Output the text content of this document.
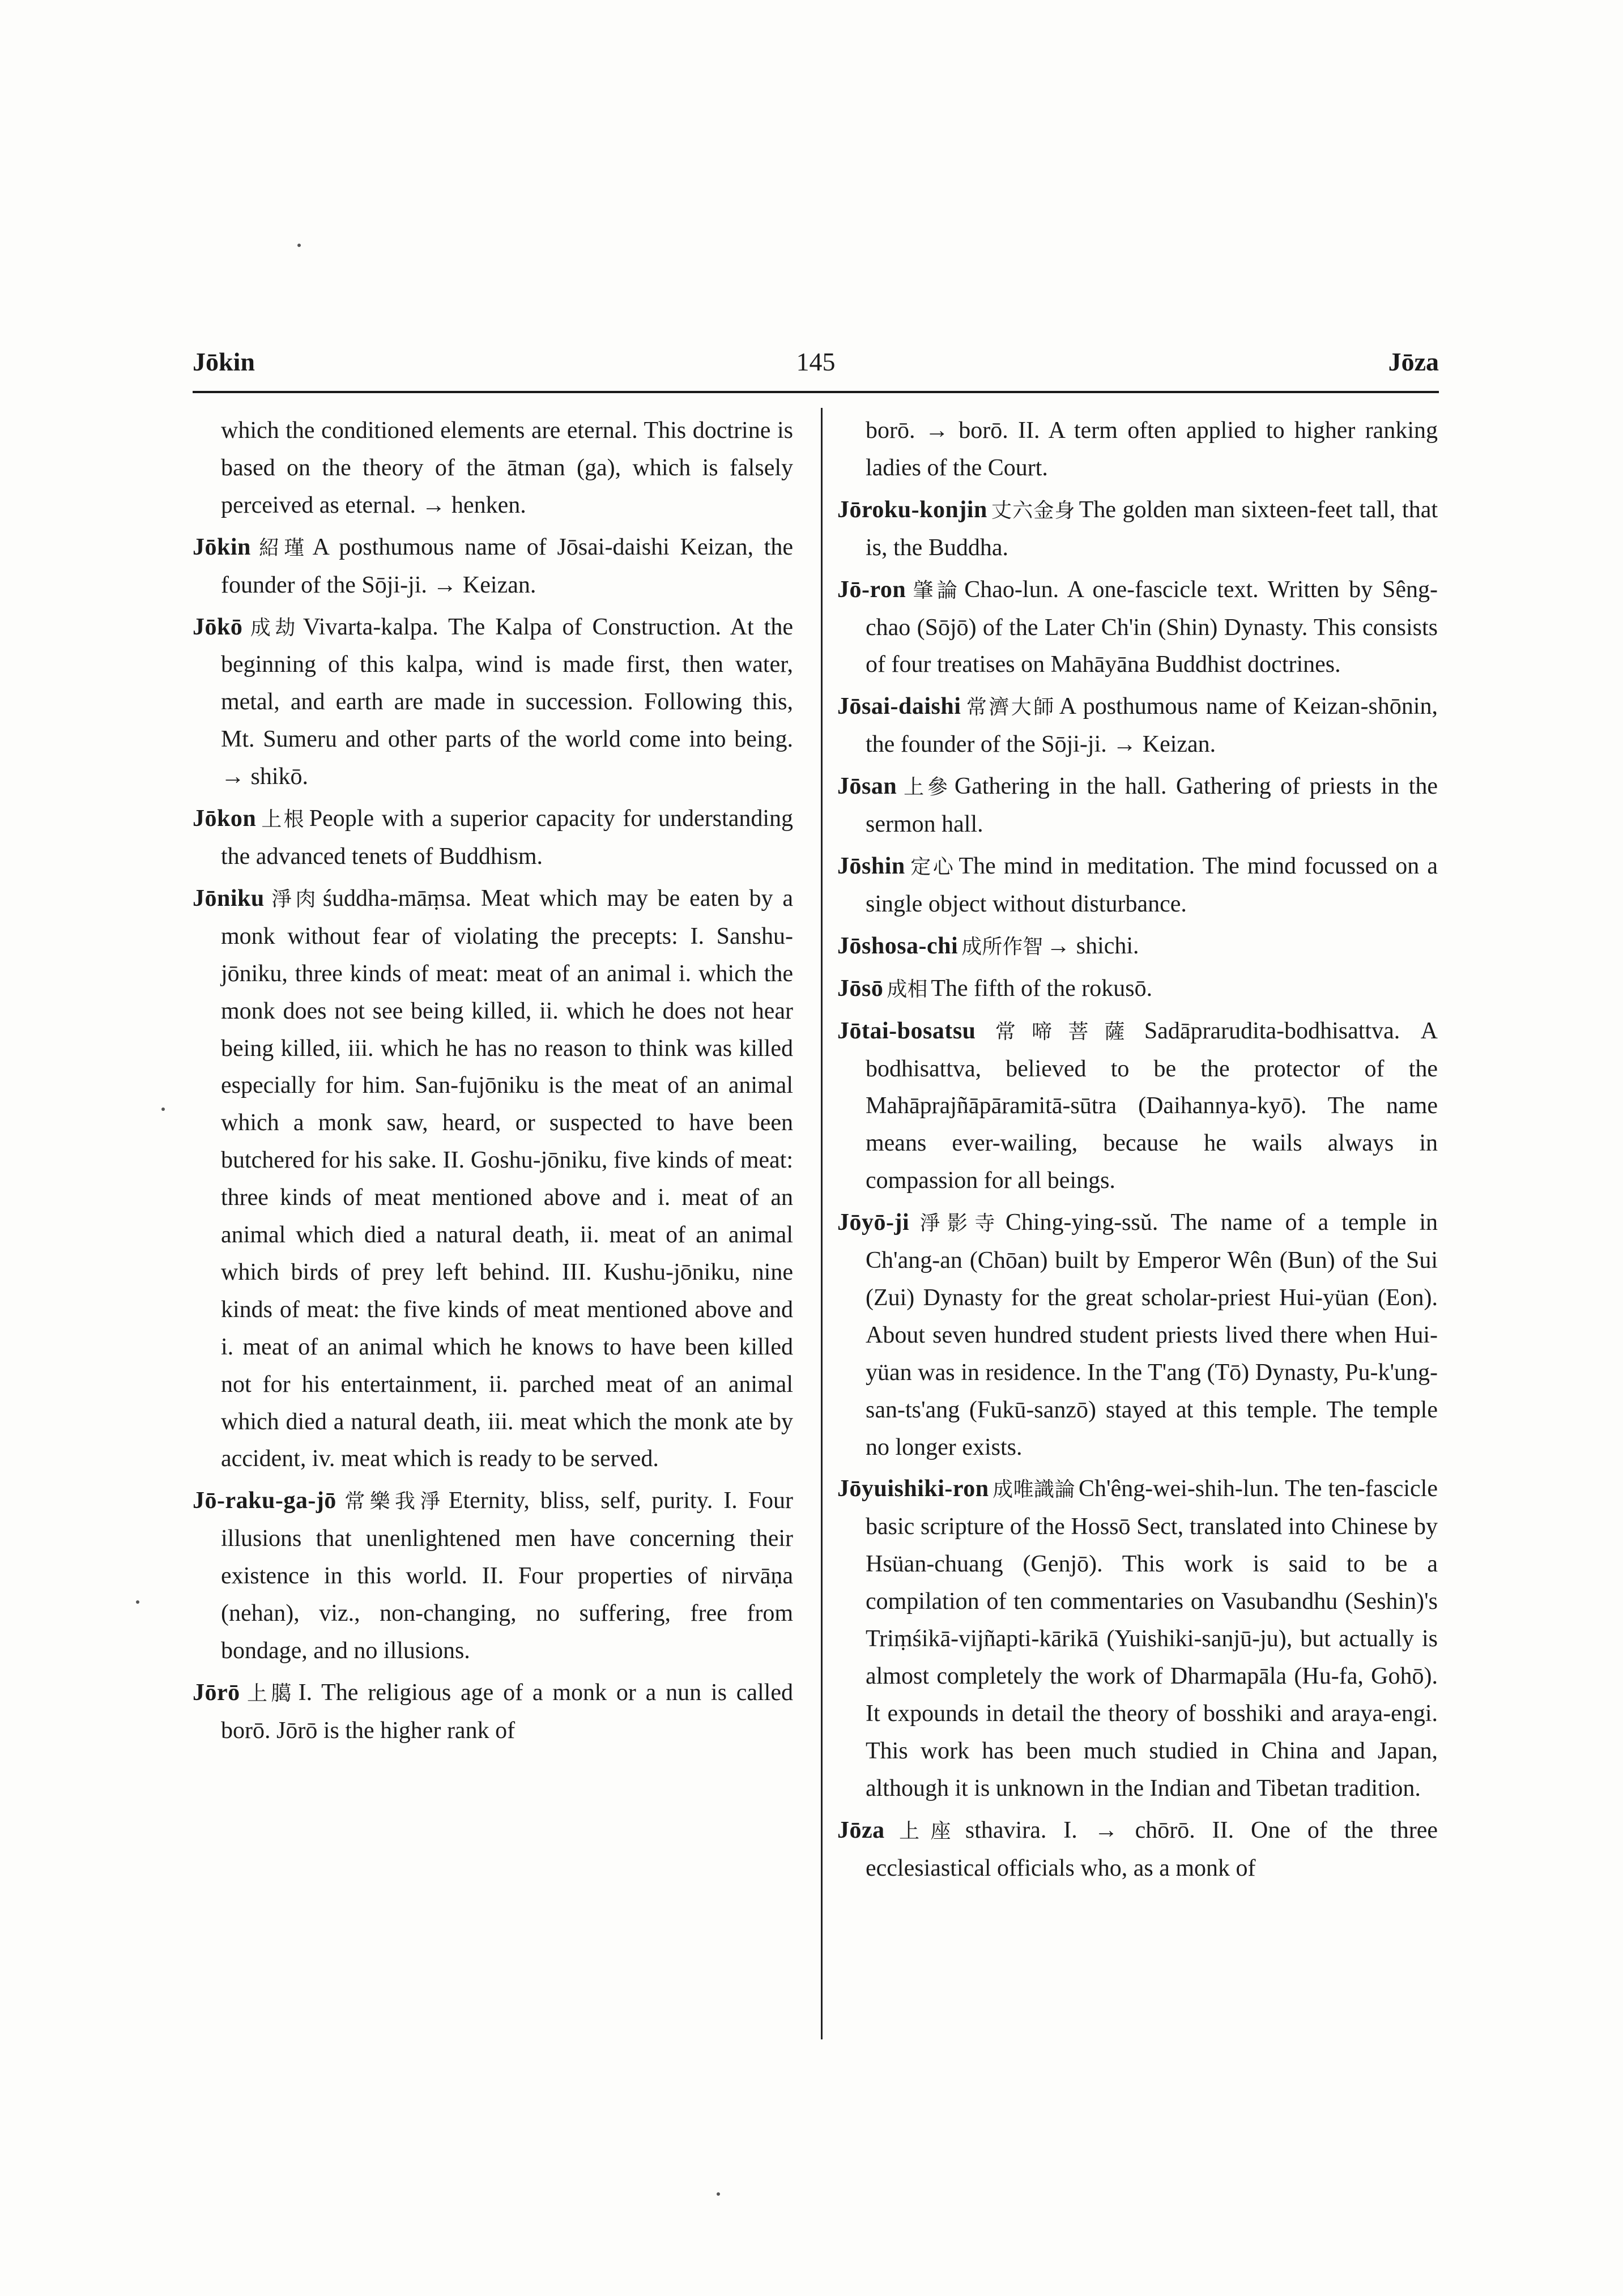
Jōkin	145	Jōza

which the conditioned elements are eternal. This doctrine is based on the theory of the ātman (ga), which is falsely perceived as eternal. → henken.

Jōkin 紹瑾 A posthumous name of Jōsai-daishi Keizan, the founder of the Sōji-ji. → Keizan.

Jōkō 成劫 Vivarta-kalpa. The Kalpa of Construction. At the beginning of this kalpa, wind is made first, then water, metal, and earth are made in succession. Following this, Mt. Sumeru and other parts of the world come into being. → shikō.

Jōkon 上根 People with a superior capacity for understanding the advanced tenets of Buddhism.

Jōniku 淨肉 śuddha-māṃsa. Meat which may be eaten by a monk without fear of violating the precepts: I. Sanshu-jōniku, three kinds of meat: meat of an animal i. which the monk does not see being killed, ii. which he does not hear being killed, iii. which he has no reason to think was killed especially for him. San-fujōniku is the meat of an animal which a monk saw, heard, or suspected to have been butchered for his sake. II. Goshu-jōniku, five kinds of meat: three kinds of meat mentioned above and i. meat of an animal which died a natural death, ii. meat of an animal which birds of prey left behind. III. Kushu-jōniku, nine kinds of meat: the five kinds of meat mentioned above and i. meat of an animal which he knows to have been killed not for his entertainment, ii. parched meat of an animal which died a natural death, iii. meat which the monk ate by accident, iv. meat which is ready to be served.

Jō-raku-ga-jō 常樂我淨 Eternity, bliss, self, purity. I. Four illusions that unenlightened men have concerning their existence in this world. II. Four properties of nirvāṇa (nehan), viz., non-changing, no suffering, free from bondage, and no illusions.

Jōrō 上臈 I. The religious age of a monk or a nun is called borō. Jōrō is the higher rank of

borō. → borō. II. A term often applied to higher ranking ladies of the Court.

Jōroku-konjin 丈六金身 The golden man sixteen-feet tall, that is, the Buddha.

Jō-ron 肇論 Chao-lun. A one-fascicle text. Written by Sêng-chao (Sōjō) of the Later Ch'in (Shin) Dynasty. This consists of four treatises on Mahāyāna Buddhist doctrines.

Jōsai-daishi 常濟大師 A posthumous name of Keizan-shōnin, the founder of the Sōji-ji. → Keizan.

Jōsan 上參 Gathering in the hall. Gathering of priests in the sermon hall.

Jōshin 定心 The mind in meditation. The mind focussed on a single object without disturbance.

Jōshosa-chi 成所作智 → shichi.

Jōsō 成相 The fifth of the rokusō.

Jōtai-bosatsu 常啼菩薩 Sadāprarudita-bodhisattva. A bodhisattva, believed to be the protector of the Mahāprajñāpāramitā-sūtra (Daihannya-kyō). The name means ever-wailing, because he wails always in compassion for all beings.

Jōyō-ji 淨影寺 Ching-ying-ssŭ. The name of a temple in Ch'ang-an (Chōan) built by Emperor Wên (Bun) of the Sui (Zui) Dynasty for the great scholar-priest Hui-yüan (Eon). About seven hundred student priests lived there when Hui-yüan was in residence. In the T'ang (Tō) Dynasty, Pu-k'ung-san-ts'ang (Fukū-sanzō) stayed at this temple. The temple no longer exists.

Jōyuishiki-ron 成唯識論 Ch'êng-wei-shih-lun. The ten-fascicle basic scripture of the Hossō Sect, translated into Chinese by Hsüan-chuang (Genjō). This work is said to be a compilation of ten commentaries on Vasubandhu (Seshin)'s Triṃśikā-vijñapti-kārikā (Yuishiki-sanjū-ju), but actually is almost completely the work of Dharmapāla (Hu-fa, Gohō). It expounds in detail the theory of bosshiki and araya-engi. This work has been much studied in China and Japan, although it is unknown in the Indian and Tibetan tradition.

Jōza 上座 sthavira. I. → chōrō. II. One of the three ecclesiastical officials who, as a monk of
